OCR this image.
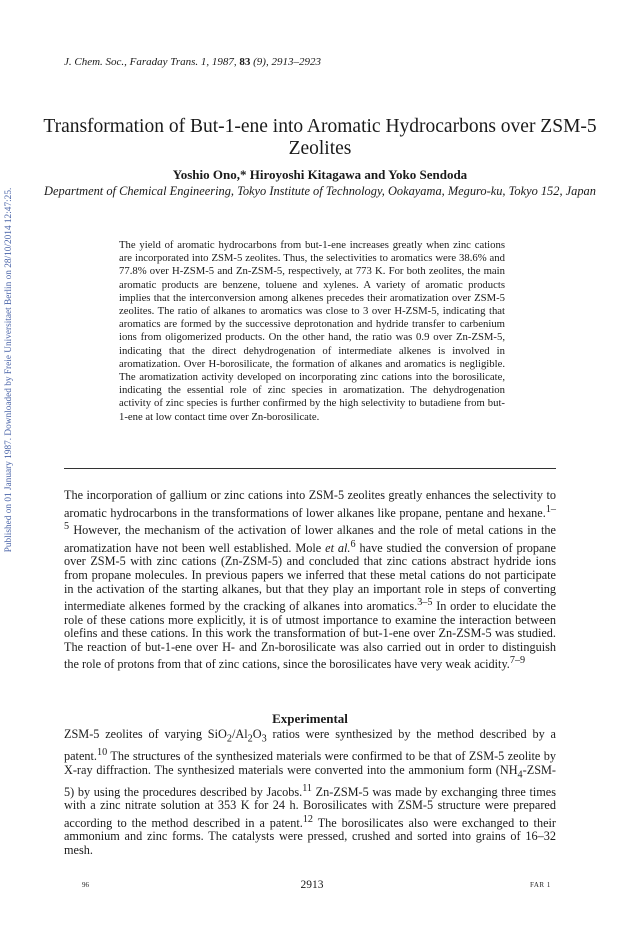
Published on 01 January 1987. Downloaded by Freie Universitaet Berlin on 28/10/2014 12:47:25.
J. Chem. Soc., Faraday Trans. 1, 1987, 83 (9), 2913–2923
Transformation of But-1-ene into Aromatic Hydrocarbons over ZSM-5 Zeolites
Yoshio Ono,* Hiroyoshi Kitagawa and Yoko Sendoda
Department of Chemical Engineering, Tokyo Institute of Technology, Ookayama, Meguro-ku, Tokyo 152, Japan
The yield of aromatic hydrocarbons from but-1-ene increases greatly when zinc cations are incorporated into ZSM-5 zeolites. Thus, the selectivities to aromatics were 38.6% and 77.8% over H-ZSM-5 and Zn-ZSM-5, respectively, at 773 K. For both zeolites, the main aromatic products are benzene, toluene and xylenes. A variety of aromatic products implies that the interconversion among alkenes precedes their aromatization over ZSM-5 zeolites. The ratio of alkanes to aromatics was close to 3 over H-ZSM-5, indicating that aromatics are formed by the successive deprotonation and hydride transfer to carbenium ions from oligomerized products. On the other hand, the ratio was 0.9 over Zn-ZSM-5, indicating that the direct dehydrogenation of intermediate alkenes is involved in aromatization. Over H-borosilicate, the formation of alkanes and aromatics is negligible. The aromatization activity developed on incorporating zinc cations into the borosilicate, indicating the essential role of zinc species in aromatization. The dehydrogenation activity of zinc species is further confirmed by the high selectivity to butadiene from but-1-ene at low contact time over Zn-borosilicate.
The incorporation of gallium or zinc cations into ZSM-5 zeolites greatly enhances the selectivity to aromatic hydrocarbons in the transformations of lower alkanes like propane, pentane and hexane.$^{1-5}$ However, the mechanism of the activation of lower alkanes and the role of metal cations in the aromatization have not been well established. Mole et al.$^6$ have studied the conversion of propane over ZSM-5 with zinc cations (Zn-ZSM-5) and concluded that zinc cations abstract hydride ions from propane molecules. In previous papers we inferred that these metal cations do not participate in the activation of the starting alkanes, but that they play an important role in steps of converting intermediate alkenes formed by the cracking of alkanes into aromatics.$^{3-5}$ In order to elucidate the role of these cations more explicitly, it is of utmost importance to examine the interaction between olefins and these cations. In this work the transformation of but-1-ene over Zn-ZSM-5 was studied. The reaction of but-1-ene over H- and Zn-borosilicate was also carried out in order to distinguish the role of protons from that of zinc cations, since the borosilicates have very weak acidity.$^{7-9}$
Experimental
ZSM-5 zeolites of varying $SiO_2/Al_2O_3$ ratios were synthesized by the method described by a patent.$^{10}$ The structures of the synthesized materials were confirmed to be that of ZSM-5 zeolite by X-ray diffraction. The synthesized materials were converted into the ammonium form $(NH_4-ZSM-5)$ by using the procedures described by Jacobs.$^{11}$ Zn-ZSM-5 was made by exchanging three times with a zinc nitrate solution at 353 K for 24 h. Borosilicates with ZSM-5 structure were prepared according to the method described in a patent.$^{12}$ The borosilicates also were exchanged to their ammonium and zinc forms. The catalysts were pressed, crushed and sorted into grains of 16–32 mesh.
96	2913	FAR 1
